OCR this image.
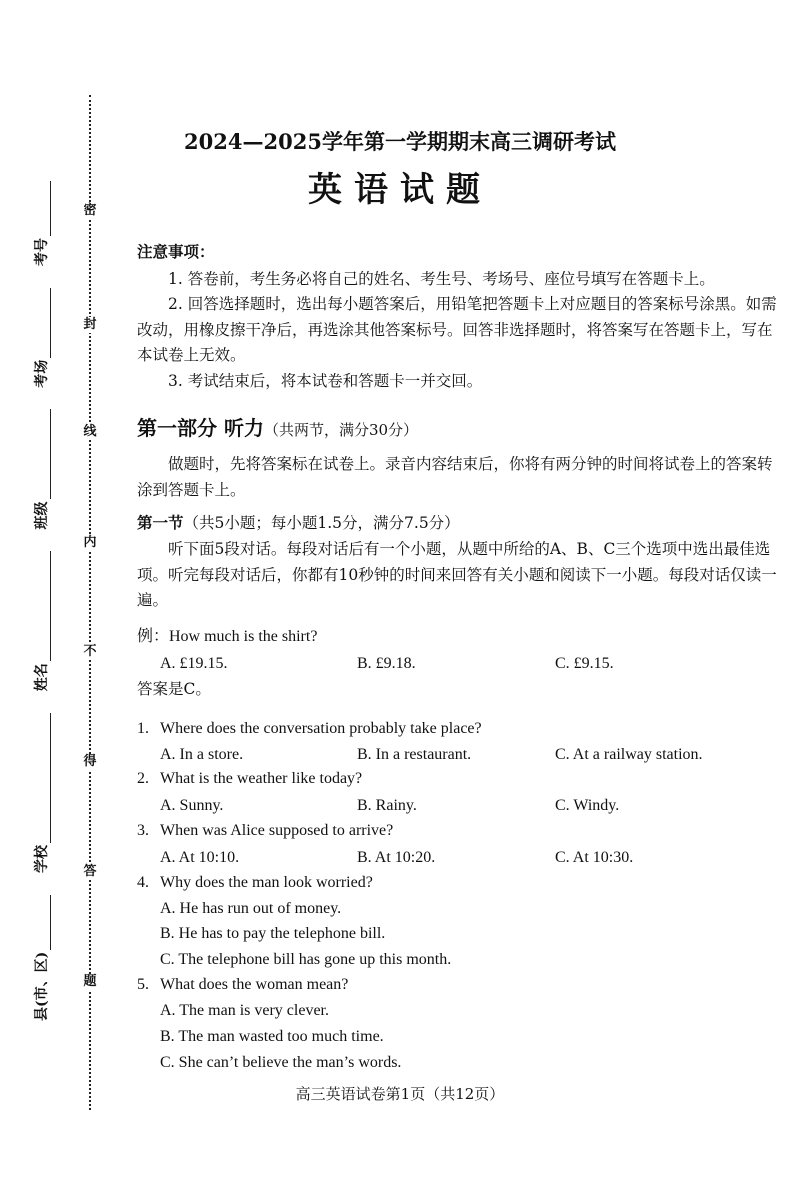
县(市、区)
学校
姓名
班级
考场
考号
密
封
线
内
不
得
答
题
2024—2025学年第一学期期末高三调研考试
英语试题
注意事项：
1. 答卷前，考生务必将自己的姓名、考生号、考场号、座位号填写在答题卡上。
2. 回答选择题时，选出每小题答案后，用铅笔把答题卡上对应题目的答案标号涂黑。如需改动，用橡皮擦干净后，再选涂其他答案标号。回答非选择题时，将答案写在答题卡上，写在本试卷上无效。
3. 考试结束后，将本试卷和答题卡一并交回。
第一部分 听力（共两节，满分30分）
做题时，先将答案标在试卷上。录音内容结束后，你将有两分钟的时间将试卷上的答案转涂到答题卡上。
第一节（共5小题；每小题1.5分，满分7.5分）
听下面5段对话。每段对话后有一个小题，从题中所给的A、B、C三个选项中选出最佳选项。听完每段对话后，你都有10秒钟的时间来回答有关小题和阅读下一小题。每段对话仅读一遍。
例：How much is the shirt?
A. £19.15.	B. £9.18.	C. £9.15.
答案是C。
1. Where does the conversation probably take place?
A. In a store.	B. In a restaurant.	C. At a railway station.
2. What is the weather like today?
A. Sunny.	B. Rainy.	C. Windy.
3. When was Alice supposed to arrive?
A. At 10:10.	B. At 10:20.	C. At 10:30.
4. Why does the man look worried?
A. He has run out of money.
B. He has to pay the telephone bill.
C. The telephone bill has gone up this month.
5. What does the woman mean?
A. The man is very clever.
B. The man wasted too much time.
C. She can’t believe the man’s words.
高三英语试卷第1页（共12页）
